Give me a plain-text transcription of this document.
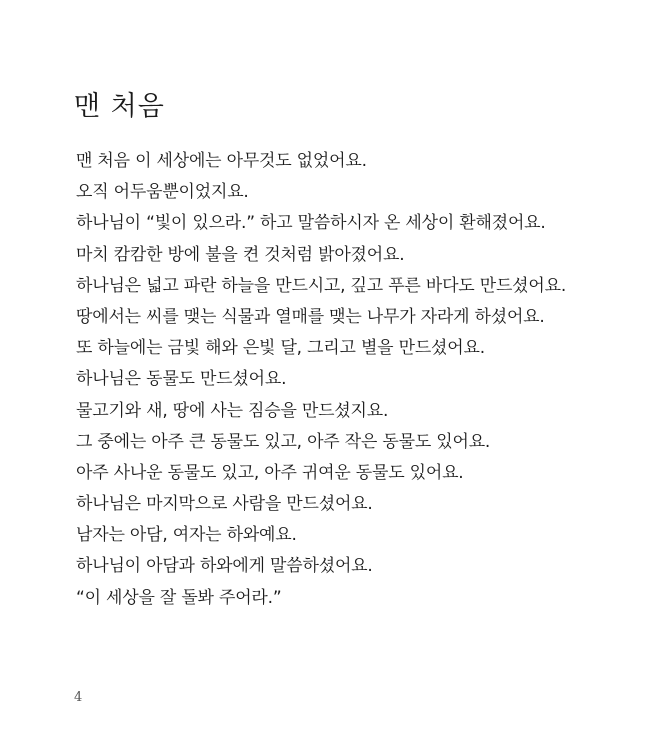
맨 처음
맨 처음 이 세상에는 아무것도 없었어요.
오직 어두움뿐이었지요.
하나님이 “빛이 있으라.” 하고 말씀하시자 온 세상이 환해졌어요.
마치 캄캄한 방에 불을 켠 것처럼 밝아졌어요.
하나님은 넓고 파란 하늘을 만드시고, 깊고 푸른 바다도 만드셨어요.
땅에서는 씨를 맺는 식물과 열매를 맺는 나무가 자라게 하셨어요.
또 하늘에는 금빛 해와 은빛 달, 그리고 별을 만드셨어요.
하나님은 동물도 만드셨어요.
물고기와 새, 땅에 사는 짐승을 만드셨지요.
그 중에는 아주 큰 동물도 있고, 아주 작은 동물도 있어요.
아주 사나운 동물도 있고, 아주 귀여운 동물도 있어요.
하나님은 마지막으로 사람을 만드셨어요.
남자는 아담, 여자는 하와예요.
하나님이 아담과 하와에게 말씀하셨어요.
“이 세상을 잘 돌봐 주어라.”
4
